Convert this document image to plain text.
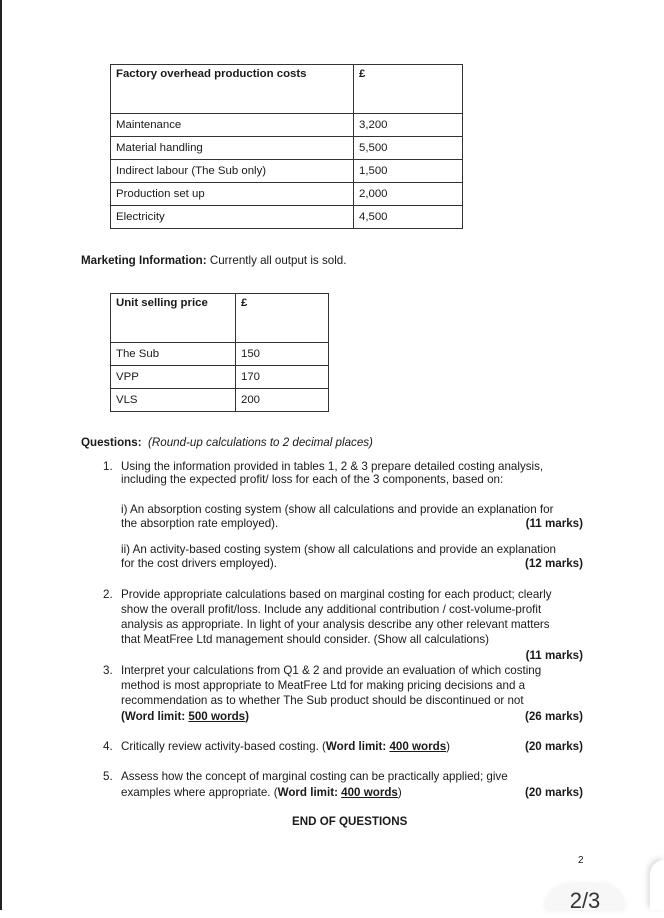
Factory overhead production costs	£
Maintenance	3,200
Material handling	5,500
Indirect labour (The Sub only)	1,500
Production set up	2,000
Electricity	4,500
Marketing Information: Currently all output is sold.
Unit selling price	£
The Sub	150
VPP	170
VLS	200
Questions: (Round-up calculations to 2 decimal places)
1. Using the information provided in tables 1, 2 & 3 prepare detailed costing analysis,
including the expected profit/ loss for each of the 3 components, based on:
i) An absorption costing system (show all calculations and provide an explanation for
the absorption rate employed).	(11 marks)
ii) An activity-based costing system (show all calculations and provide an explanation
for the cost drivers employed).	(12 marks)
2. Provide appropriate calculations based on marginal costing for each product; clearly
show the overall profit/loss. Include any additional contribution / cost-volume-profit
analysis as appropriate. In light of your analysis describe any other relevant matters
that MeatFree Ltd management should consider. (Show all calculations)
(11 marks)
3. Interpret your calculations from Q1 & 2 and provide an evaluation of which costing
method is most appropriate to MeatFree Ltd for making pricing decisions and a
recommendation as to whether The Sub product should be discontinued or not
(Word limit: 500 words)	(26 marks)
4. Critically review activity-based costing. (Word limit: 400 words)	(20 marks)
5. Assess how the concept of marginal costing can be practically applied; give
examples where appropriate. (Word limit: 400 words)	(20 marks)
END OF QUESTIONS
2
2/3
